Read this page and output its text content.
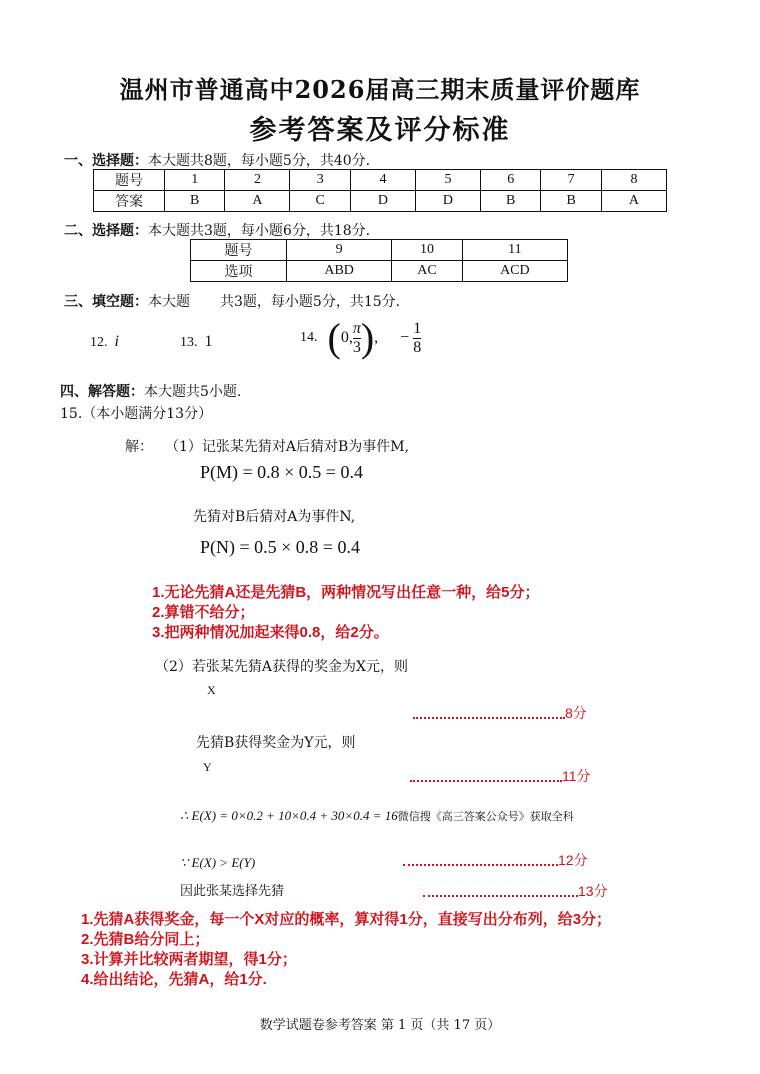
温州市普通高中2026届高三期末质量评价题库
参考答案及评分标准
一、选择题：本大题共8题，每小题5分，共40分.
题号	1	2	3	4	5	6	7	8
答案	B	A	C	D	D	B	B	A
二、选择题：本大题共3题，每小题6分，共18分.
题号	9	10	11
选项	ABD	AC	ACD
三、填空题：本大题 共3题，每小题5分，共15分.
12. i	13. 1	14. ( 0, $\frac{\pi}{3}$ ) , − $\frac{1}{8}$
四、解答题：本大题共5小题.
15.（本小题满分13分）
解： （1）记张某先猜对A后猜对B为事件M,
P(M) = 0.8 × 0.5 = 0.4
先猜对B后猜对A为事件N,
P(N) = 0.5 × 0.8 = 0.4
1.无论先猜A还是先猜B，两种情况写出任意一种，给5分；
2.算错不给分；
3.把两种情况加起来得0.8，给2分。
（2）若张某先猜A获得的奖金为X元，则
X
8分
先猜B获得奖金为Y元，则
Y
11分
∴ E(X) = 0×0.2 + 10×0.4 + 30×0.4 = 16微信搜《高三答案公众号》获取全科
∵ E(X) > E(Y)	12分
因此张某选择先猜	13分
1.先猜A获得奖金，每一个X对应的概率，算对得1分，直接写出分布列，给3分；
2.先猜B给分同上；
3.计算并比较两者期望，得1分；
4.给出结论，先猜A，给1分.
数学试题卷参考答案 第 1 页（共 17 页）
